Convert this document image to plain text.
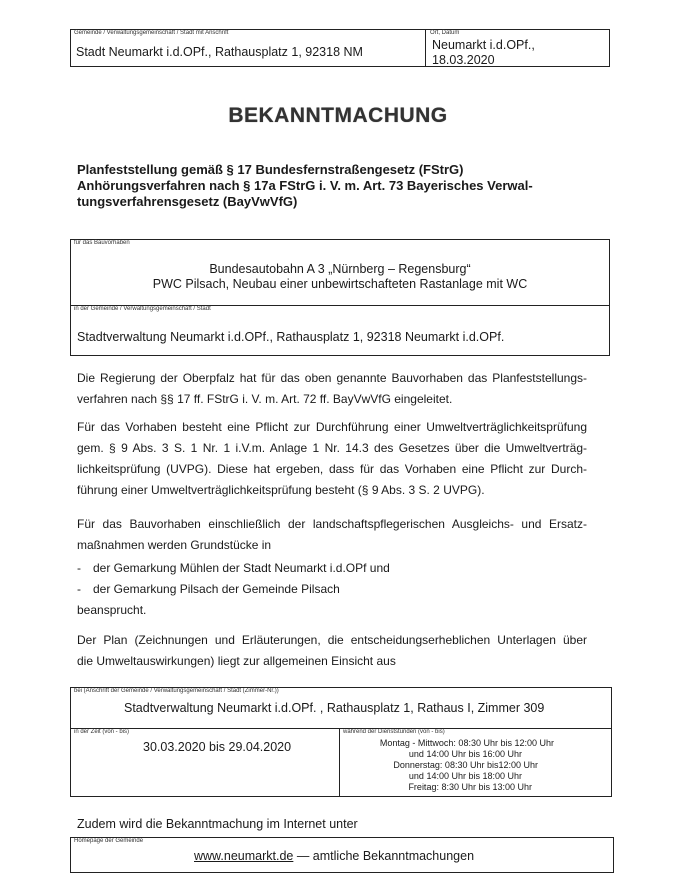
Gemeinde / Verwaltungsgemeinschaft / Stadt mit Anschrift
Stadt Neumarkt i.d.OPf., Rathausplatz 1, 92318 NM
Ort, Datum
Neumarkt i.d.OPf.,
18.03.2020
BEKANNTMACHUNG
Planfeststellung gemäß § 17 Bundesfernstraßengesetz (FStrG)
Anhörungsverfahren nach § 17a FStrG i. V. m. Art. 73 Bayerisches Verwal-
tungsverfahrensgesetz (BayVwVfG)
für das Bauvorhaben
Bundesautobahn A 3 „Nürnberg – Regensburg“
PWC Pilsach, Neubau einer unbewirtschafteten Rastanlage mit WC
in der Gemeinde / Verwaltungsgemeinschaft / Stadt
Stadtverwaltung Neumarkt i.d.OPf., Rathausplatz 1, 92318 Neumarkt i.d.OPf.
Die Regierung der Oberpfalz hat für das oben genannte Bauvorhaben das Planfeststellungs-
verfahren nach §§ 17 ff. FStrG i. V. m. Art. 72 ff. BayVwVfG eingeleitet.
Für das Vorhaben besteht eine Pflicht zur Durchführung einer Umweltverträglichkeitsprüfung
gem. § 9 Abs. 3 S. 1 Nr. 1 i.V.m. Anlage 1 Nr. 14.3 des Gesetzes über die Umweltverträg-
lichkeitsprüfung (UVPG). Diese hat ergeben, dass für das Vorhaben eine Pflicht zur Durch-
führung einer Umweltverträglichkeitsprüfung besteht (§ 9 Abs. 3 S. 2 UVPG).
Für das Bauvorhaben einschließlich der landschaftspflegerischen Ausgleichs- und Ersatz-
maßnahmen werden Grundstücke in
- der Gemarkung Mühlen der Stadt Neumarkt i.d.OPf und
- der Gemarkung Pilsach der Gemeinde Pilsach
beansprucht.
Der Plan (Zeichnungen und Erläuterungen, die entscheidungserheblichen Unterlagen über
die Umweltauswirkungen) liegt zur allgemeinen Einsicht aus
bei (Anschrift der Gemeinde / Verwaltungsgemeinschaft / Stadt (Zimmer-Nr.))
Stadtverwaltung Neumarkt i.d.OPf. , Rathausplatz 1, Rathaus I, Zimmer 309
in der Zeit (von - bis)
30.03.2020 bis 29.04.2020
während der Dienststunden (von - bis)
Montag - Mittwoch: 08:30 Uhr bis 12:00 Uhr
und 14:00 Uhr bis 16:00 Uhr
Donnerstag: 08:30 Uhr bis12:00 Uhr
und 14:00 Uhr bis 18:00 Uhr
Freitag: 8:30 Uhr bis 13:00 Uhr
Zudem wird die Bekanntmachung im Internet unter
Homepage der Gemeinde
www.neumarkt.de — amtliche Bekanntmachungen
